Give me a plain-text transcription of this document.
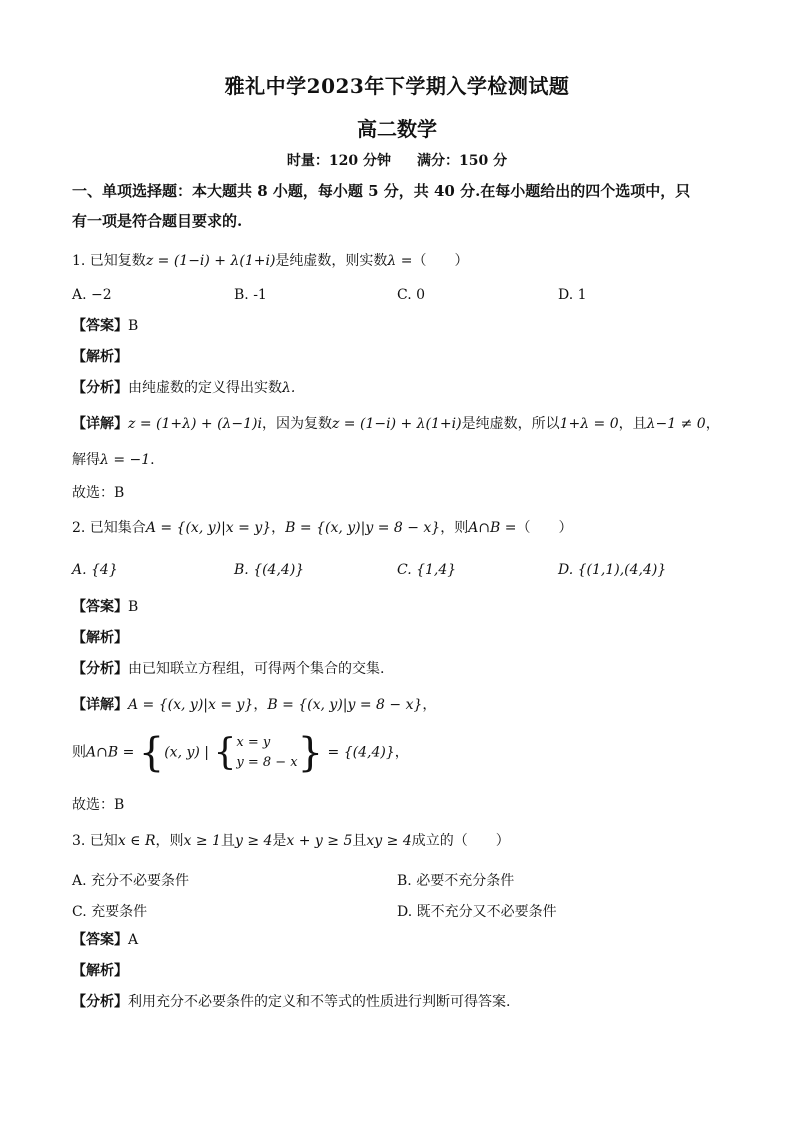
雅礼中学2023年下学期入学检测试题
高二数学
时量：120 分钟 满分：150 分
一、单项选择题：本大题共 8 小题，每小题 5 分，共 40 分.在每小题给出的四个选项中，只
有一项是符合题目要求的.
1. 已知复数z = (1−i) + λ(1+i)是纯虚数，则实数λ =（　　）
A. −2	B. -1	C. 0	D. 1
【答案】B
【解析】
【分析】由纯虚数的定义得出实数λ.
【详解】z = (1+λ) + (λ−1)i，因为复数z = (1−i) + λ(1+i)是纯虚数，所以1+λ = 0，且λ−1 ≠ 0，
解得λ = −1.
故选：B
2. 已知集合A = {(x, y)|x = y}，B = {(x, y)|y = 8 − x}，则A∩B =（　　）
A. {4}	B. {(4,4)}	C. {1,4}	D. {(1,1),(4,4)}
【答案】B
【解析】
【分析】由已知联立方程组，可得两个集合的交集.
【详解】A = {(x, y)|x = y}，B = {(x, y)|y = 8 − x}，
则A∩B = {(x, y) | { x = y
y = 8 − x } = {(4,4)}，
故选：B
3. 已知x ∈ R，则x ≥ 1且y ≥ 4是x + y ≥ 5且xy ≥ 4成立的（　　）
A. 充分不必要条件	B. 必要不充分条件
C. 充要条件	D. 既不充分又不必要条件
【答案】A
【解析】
【分析】利用充分不必要条件的定义和不等式的性质进行判断可得答案.
